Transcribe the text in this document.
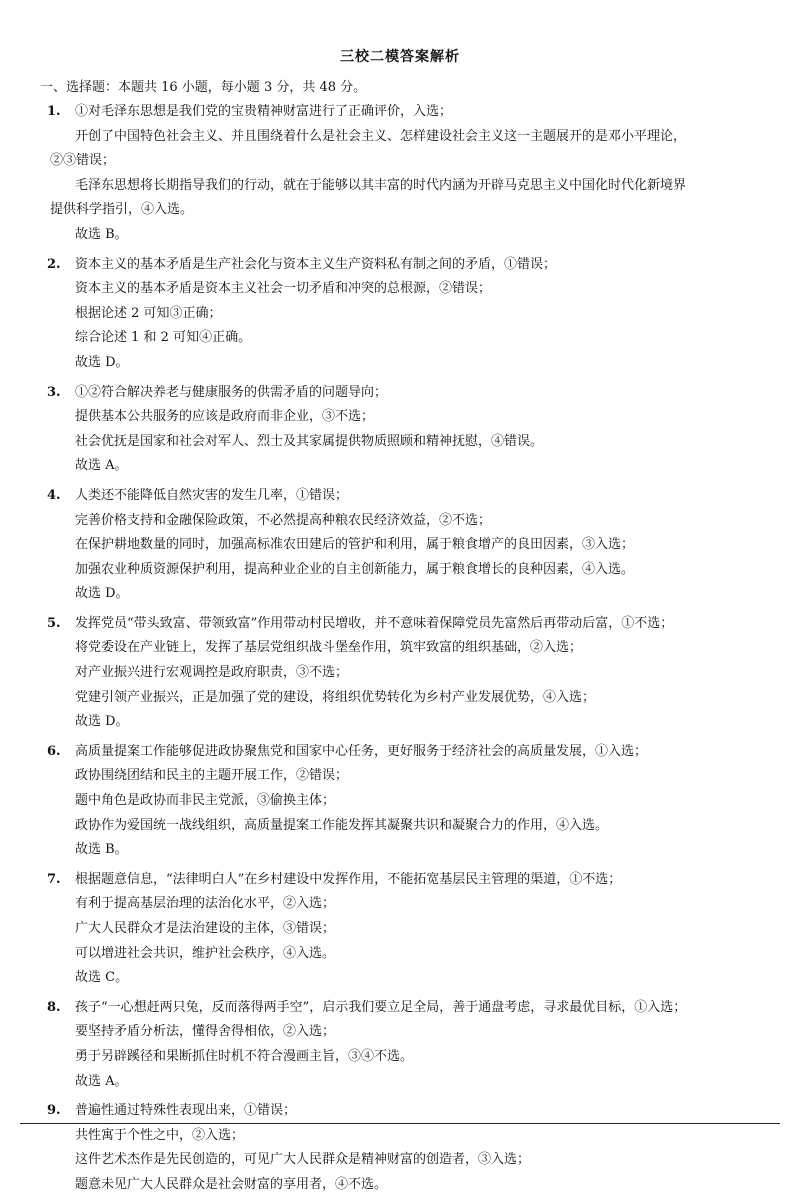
三校二模答案解析
一、选择题：本题共 16 小题，每小题 3 分，共 48 分。
1. ①对毛泽东思想是我们党的宝贵精神财富进行了正确评价，入选；
开创了中国特色社会主义、并且围绕着什么是社会主义、怎样建设社会主义这一主题展开的是邓小平理论，
②③错误；
毛泽东思想将长期指导我们的行动，就在于能够以其丰富的时代内涵为开辟马克思主义中国化时代化新境界
提供科学指引，④入选。
故选 B。
2. 资本主义的基本矛盾是生产社会化与资本主义生产资料私有制之间的矛盾，①错误；
资本主义的基本矛盾是资本主义社会一切矛盾和冲突的总根源，②错误；
根据论述 2 可知③正确；
综合论述 1 和 2 可知④正确。
故选 D。
3. ①②符合解决养老与健康服务的供需矛盾的问题导向；
提供基本公共服务的应该是政府而非企业，③不选；
社会优抚是国家和社会对军人、烈士及其家属提供物质照顾和精神抚慰，④错误。
故选 A。
4. 人类还不能降低自然灾害的发生几率，①错误；
完善价格支持和金融保险政策，不必然提高种粮农民经济效益，②不选；
在保护耕地数量的同时，加强高标准农田建后的管护和利用，属于粮食增产的良田因素，③入选；
加强农业种质资源保护利用，提高种业企业的自主创新能力，属于粮食增长的良种因素，④入选。
故选 D。
5. 发挥党员“带头致富、带领致富”作用带动村民增收，并不意味着保障党员先富然后再带动后富，①不选；
将党委设在产业链上，发挥了基层党组织战斗堡垒作用，筑牢致富的组织基础，②入选；
对产业振兴进行宏观调控是政府职责，③不选；
党建引领产业振兴，正是加强了党的建设，将组织优势转化为乡村产业发展优势，④入选；
故选 D。
6. 高质量提案工作能够促进政协聚焦党和国家中心任务，更好服务于经济社会的高质量发展，①入选；
政协围绕团结和民主的主题开展工作，②错误；
题中角色是政协而非民主党派，③偷换主体；
政协作为爱国统一战线组织，高质量提案工作能发挥其凝聚共识和凝聚合力的作用，④入选。
故选 B。
7. 根据题意信息，“法律明白人”在乡村建设中发挥作用，不能拓宽基层民主管理的渠道，①不选；
有利于提高基层治理的法治化水平，②入选；
广大人民群众才是法治建设的主体，③错误；
可以增进社会共识，维护社会秩序，④入选。
故选 C。
8. 孩子“一心想赶两只兔，反而落得两手空”，启示我们要立足全局，善于通盘考虑，寻求最优目标，①入选；
要坚持矛盾分析法，懂得舍得相依，②入选；
勇于另辟蹊径和果断抓住时机不符合漫画主旨，③④不选。
故选 A。
9. 普遍性通过特殊性表现出来，①错误；
共性寓于个性之中，②入选；
这件艺术杰作是先民创造的，可见广大人民群众是精神财富的创造者，③入选；
题意未见广大人民群众是社会财富的享用者，④不选。
